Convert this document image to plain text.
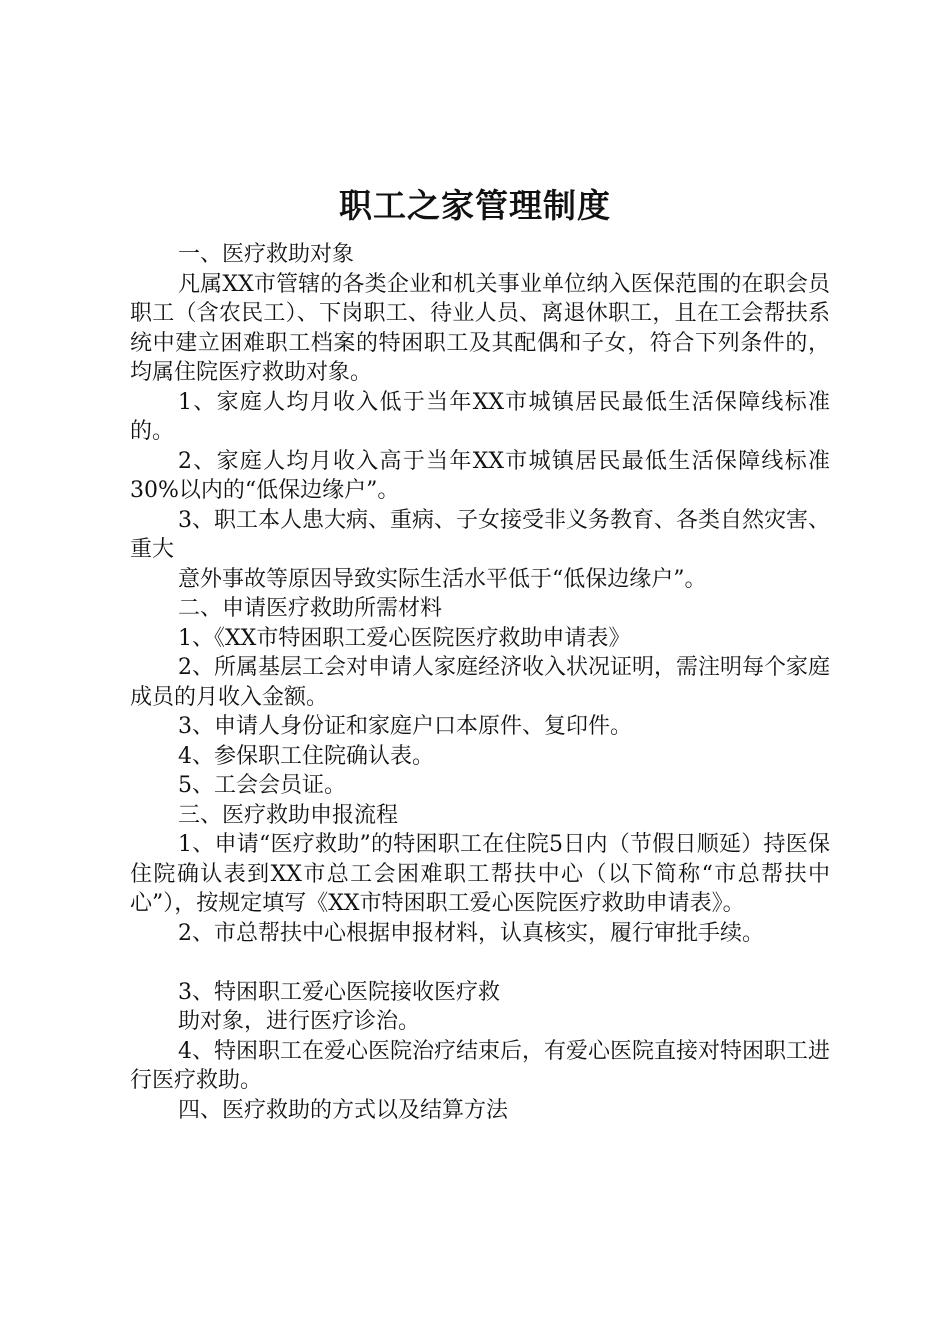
职工之家管理制度

一、医疗救助对象

凡属XX市管辖的各类企业和机关事业单位纳入医保范围的在职会员职工（含农民工）、下岗职工、待业人员、离退休职工，且在工会帮扶系统中建立困难职工档案的特困职工及其配偶和子女，符合下列条件的，均属住院医疗救助对象。

1、家庭人均月收入低于当年XX市城镇居民最低生活保障线标准的。

2、家庭人均月收入高于当年XX市城镇居民最低生活保障线标准30%以内的“低保边缘户”。

3、职工本人患大病、重病、子女接受非义务教育、各类自然灾害、重大

意外事故等原因导致实际生活水平低于“低保边缘户”。

二、申请医疗救助所需材料

1、《XX市特困职工爱心医院医疗救助申请表》

2、所属基层工会对申请人家庭经济收入状况证明，需注明每个家庭成员的月收入金额。

3、申请人身份证和家庭户口本原件、复印件。

4、参保职工住院确认表。

5、工会会员证。

三、医疗救助申报流程

1、申请“医疗救助”的特困职工在住院5日内（节假日顺延）持医保住院确认表到XX市总工会困难职工帮扶中心（以下简称“市总帮扶中心”），按规定填写《XX市特困职工爱心医院医疗救助申请表》。

2、市总帮扶中心根据申报材料，认真核实，履行审批手续。

3、特困职工爱心医院接收医疗救

助对象，进行医疗诊治。

4、特困职工在爱心医院治疗结束后，有爱心医院直接对特困职工进行医疗救助。

四、医疗救助的方式以及结算方法
